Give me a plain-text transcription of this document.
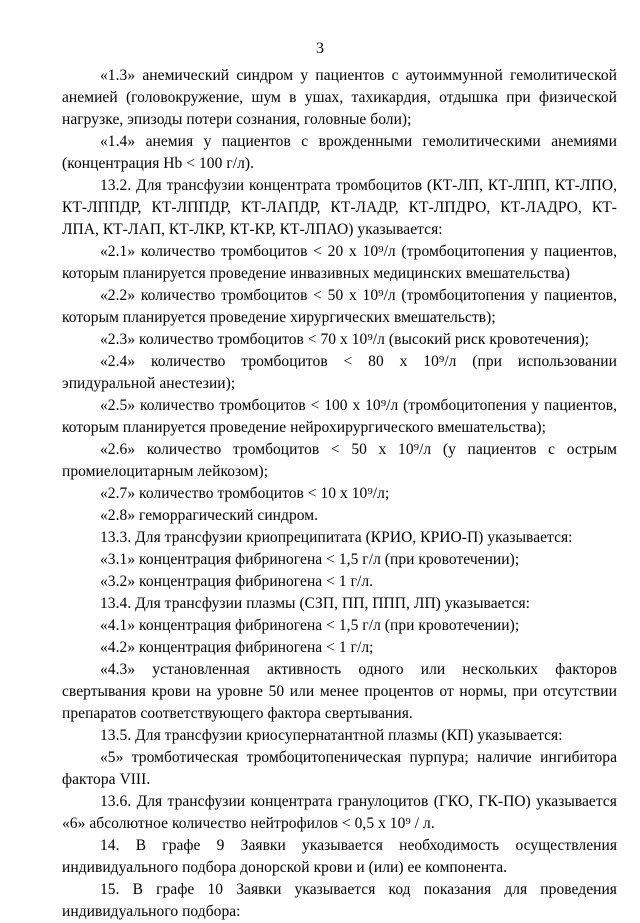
3

«1.3» анемический синдром у пациентов с аутоиммунной гемолитической анемией (головокружение, шум в ушах, тахикардия, отдышка при физической нагрузке, эпизоды потери сознания, головные боли);

«1.4» анемия у пациентов с врожденными гемолитическими анемиями (концентрация Hb < 100 г/л).

13.2. Для трансфузии концентрата тромбоцитов (КТ-ЛП, КТ-ЛПП, КТ-ЛПО, КТ-ЛППДР, КТ-ЛППДР, КТ-ЛАПДР, КТ-ЛАДР, КТ-ЛПДРО, КТ-ЛАДРО, КТ-ЛПА, КТ-ЛАП, КТ-ЛКР, КТ-КР, КТ-ЛПАО) указывается:

«2.1» количество тромбоцитов < 20 х 10⁹/л (тромбоцитопения у пациентов, которым планируется проведение инвазивных медицинских вмешательства)

«2.2» количество тромбоцитов < 50 х 10⁹/л (тромбоцитопения у пациентов, которым планируется проведение хирургических вмешательств);

«2.3» количество тромбоцитов < 70 х 10⁹/л (высокий риск кровотечения);

«2.4» количество тромбоцитов < 80 х 10⁹/л (при использовании эпидуральной анестезии);

«2.5» количество тромбоцитов < 100 х 10⁹/л (тромбоцитопения у пациентов, которым планируется проведение нейрохирургического вмешательства);

«2.6» количество тромбоцитов < 50 х 10⁹/л (у пациентов с острым промиелоцитарным лейкозом);

«2.7» количество тромбоцитов < 10 х 10⁹/л;

«2.8» геморрагический синдром.

13.3. Для трансфузии криопреципитата (КРИО, КРИО-П) указывается:

«3.1» концентрация фибриногена < 1,5 г/л (при кровотечении);

«3.2» концентрация фибриногена < 1 г/л.

13.4. Для трансфузии плазмы (СЗП, ПП, ППП, ЛП) указывается:

«4.1» концентрация фибриногена < 1,5 г/л (при кровотечении);

«4.2» концентрация фибриногена < 1 г/л;

«4.3» установленная активность одного или нескольких факторов свертывания крови на уровне 50 или менее процентов от нормы, при отсутствии препаратов соответствующего фактора свертывания.

13.5. Для трансфузии криосупернатантной плазмы (КП) указывается:

«5» тромботическая тромбоцитопеническая пурпура; наличие ингибитора фактора VIII.

13.6. Для трансфузии концентрата гранулоцитов (ГКО, ГК-ПО) указывается «6» абсолютное количество нейтрофилов < 0,5 х 10⁹ / л.

14. В графе 9 Заявки указывается необходимость осуществления индивидуального подбора донорской крови и (или) ее компонента.

15. В графе 10 Заявки указывается код показания для проведения индивидуального подбора:
